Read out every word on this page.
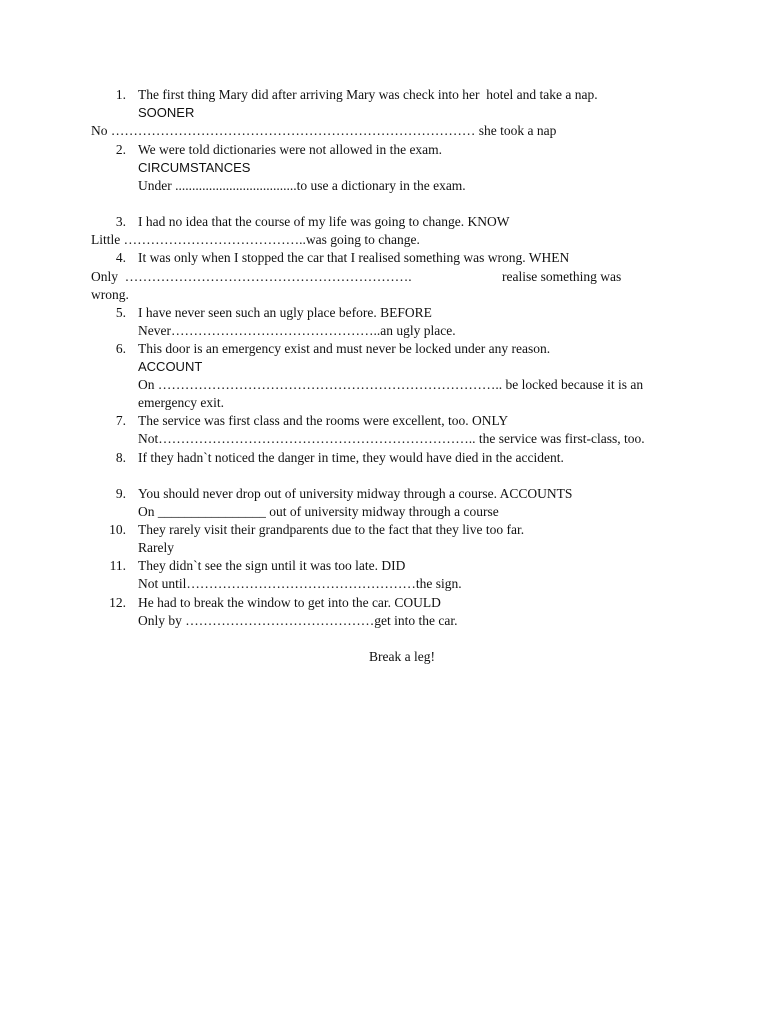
1. The first thing Mary did after arriving Mary was check into her  hotel and take a nap.
SOONER
No ……………………………………………………………………… she took a nap
2. We were told dictionaries were not allowed in the exam.
CIRCUMSTANCES
Under ....................................to use a dictionary in the exam.
3. I had no idea that the course of my life was going to change. KNOW
Little …………………………………..was going to change.
4. It was only when I stopped the car that I realised something was wrong. WHEN
Only  ……………………………………………………….	realise something was
wrong.
5. I have never seen such an ugly place before. BEFORE
Never………………………………………..an ugly place.
6. This door is an emergency exist and must never be locked under any reason.
ACCOUNT
On ………………………………………………………………….. be locked because it is an
emergency exit.
7. The service was first class and the rooms were excellent, too. ONLY
Not…………………………………………………………….. the service was first-class, too.
8. If they hadn`t noticed the danger in time, they would have died in the accident.
9. You should never drop out of university midway through a course. ACCOUNTS
On ________________ out of university midway through a course
10. They rarely visit their grandparents due to the fact that they live too far.
Rarely
11. They didn`t see the sign until it was too late. DID
Not until……………………………………………the sign.
12. He had to break the window to get into the car. COULD
Only by ……………………………………get into the car.
Break a leg!
